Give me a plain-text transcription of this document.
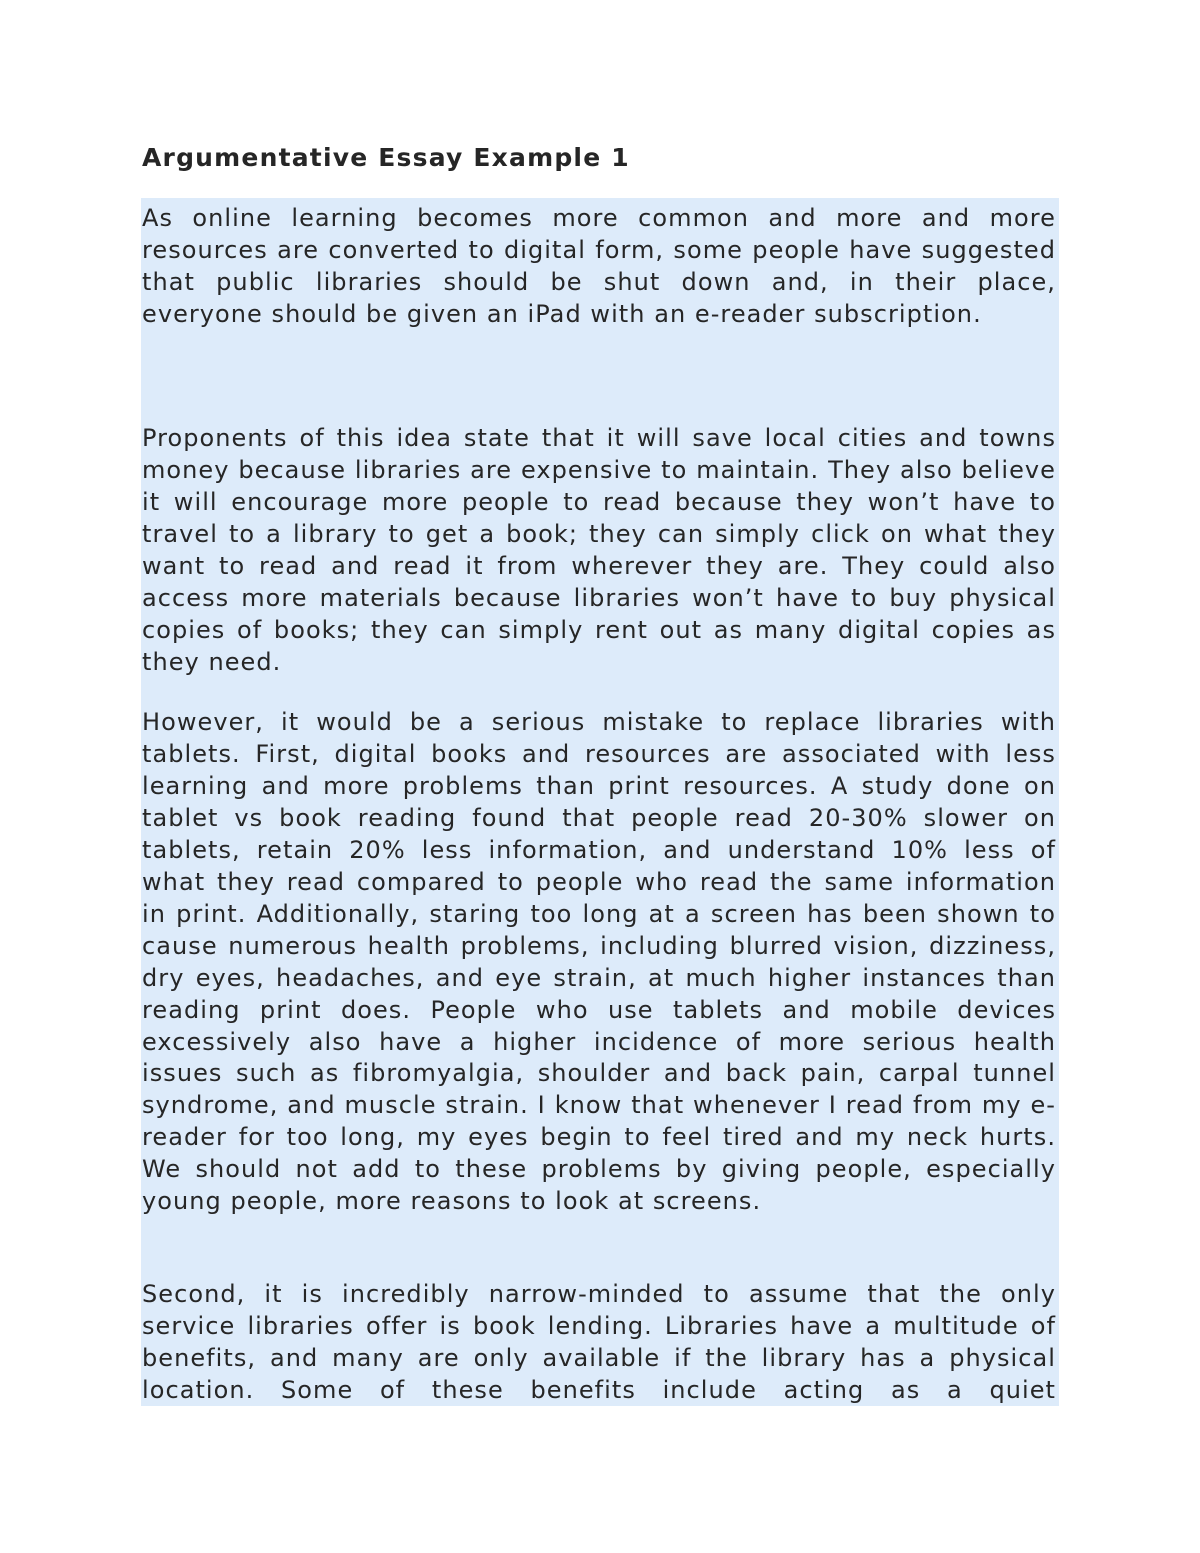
Argumentative Essay Example 1

As online learning becomes more common and more and more resources are converted to digital form, some people have suggested that public libraries should be shut down and, in their place, everyone should be given an iPad with an e-reader subscription.

Proponents of this idea state that it will save local cities and towns money because libraries are expensive to maintain. They also believe it will encourage more people to read because they won’t have to travel to a library to get a book; they can simply click on what they want to read and read it from wherever they are. They could also access more materials because libraries won’t have to buy physical copies of books; they can simply rent out as many digital copies as they need.

However, it would be a serious mistake to replace libraries with tablets. First, digital books and resources are associated with less learning and more problems than print resources. A study done on tablet vs book reading found that people read 20-30% slower on tablets, retain 20% less information, and understand 10% less of what they read compared to people who read the same information in print. Additionally, staring too long at a screen has been shown to cause numerous health problems, including blurred vision, dizziness, dry eyes, headaches, and eye strain, at much higher instances than reading print does. People who use tablets and mobile devices excessively also have a higher incidence of more serious health issues such as fibromyalgia, shoulder and back pain, carpal tunnel syndrome, and muscle strain. I know that whenever I read from my e-reader for too long, my eyes begin to feel tired and my neck hurts. We should not add to these problems by giving people, especially young people, more reasons to look at screens.

Second, it is incredibly narrow-minded to assume that the only service libraries offer is book lending. Libraries have a multitude of benefits, and many are only available if the library has a physical location. Some of these benefits include acting as a quiet
